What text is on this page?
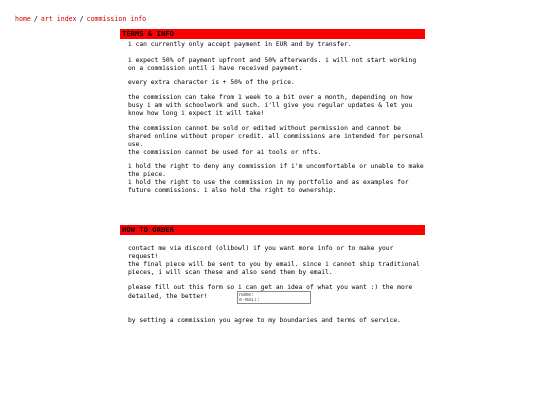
home / art index / commission info
TERMS & INFO

i can currently only accept payment in EUR and by transfer.

i expect 50% of payment upfront and 50% afterwards. i will not start working on a commission until i have received payment.

every extra character is + 50% of the price.

the commission can take from 1 week to a bit over a month, depending on how busy i am with schoolwork and such. i'll give you regular updates & let you know how long i expect it will take!

the commission cannot be sold or edited without permission and cannot be shared online without proper credit. all commissions are intended for personal use.

the commission cannot be used for ai tools or nfts.

i hold the right to deny any commission if i'm uncomfortable or unable to make the piece.

i hold the right to use the commission in my portfolio and as examples for future commissions. i also hold the right to ownership.

HOW TO ORDER

contact me via discord (olibowl) if you want more info or to make your request!

the final piece will be sent to you by email. since i cannot ship traditional pieces, i will scan these and also send them by email.

please fill out this form so i can get an idea of what you want :) the more detailed, the better!

name:
e-mail:

by setting a commission you agree to my boundaries and terms of service.
